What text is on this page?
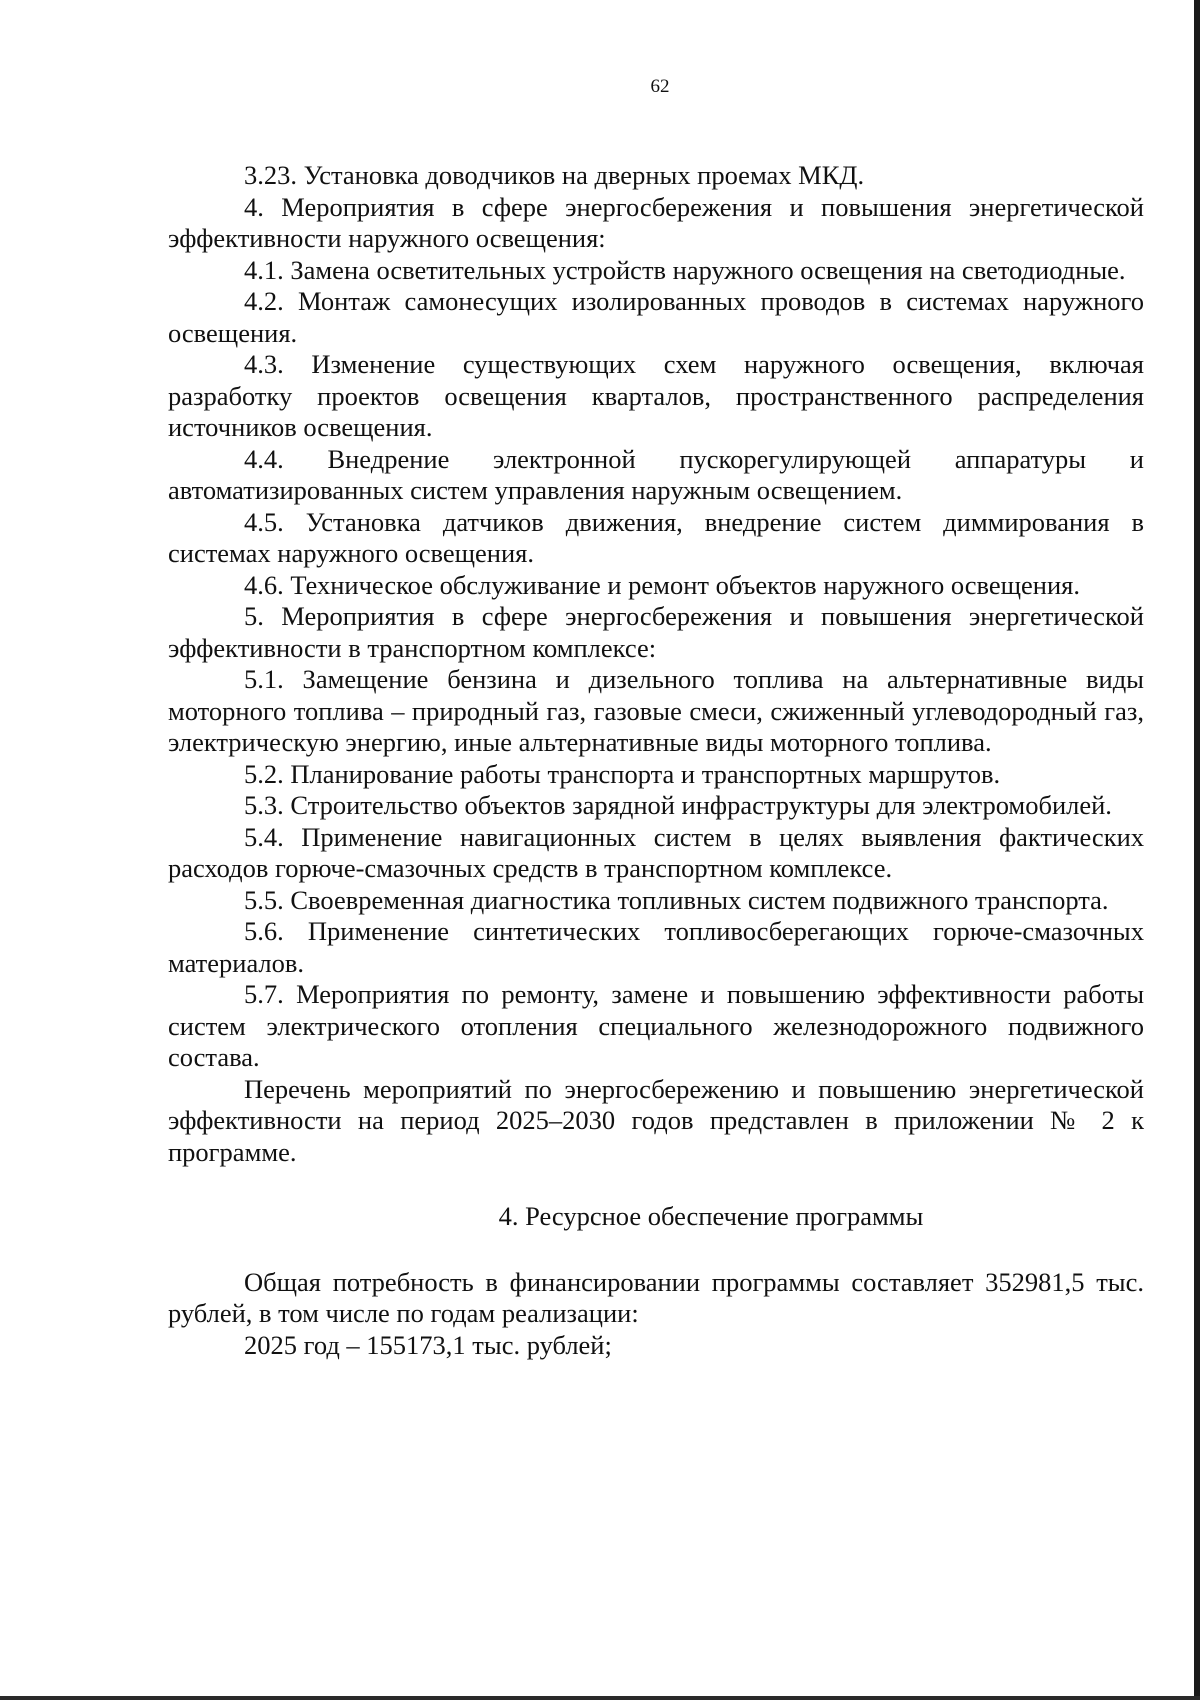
62

3.23. Установка доводчиков на дверных проемах МКД.

4. Мероприятия в сфере энергосбережения и повышения энергетической эффективности наружного освещения:

4.1. Замена осветительных устройств наружного освещения на светодиодные.

4.2. Монтаж самонесущих изолированных проводов в системах наружного освещения.

4.3. Изменение существующих схем наружного освещения, включая разработку проектов освещения кварталов, пространственного распределения источников освещения.

4.4. Внедрение электронной пускорегулирующей аппаратуры и автоматизированных систем управления наружным освещением.

4.5. Установка датчиков движения, внедрение систем диммирования в системах наружного освещения.

4.6. Техническое обслуживание и ремонт объектов наружного освещения.

5. Мероприятия в сфере энергосбережения и повышения энергетической эффективности в транспортном комплексе:

5.1. Замещение бензина и дизельного топлива на альтернативные виды моторного топлива – природный газ, газовые смеси, сжиженный углеводородный газ, электрическую энергию, иные альтернативные виды моторного топлива.

5.2. Планирование работы транспорта и транспортных маршрутов.

5.3. Строительство объектов зарядной инфраструктуры для электромобилей.

5.4. Применение навигационных систем в целях выявления фактических расходов горюче-смазочных средств в транспортном комплексе.

5.5. Своевременная диагностика топливных систем подвижного транспорта.

5.6. Применение синтетических топливосберегающих горюче-смазочных материалов.

5.7. Мероприятия по ремонту, замене и повышению эффективности работы систем электрического отопления специального железнодорожного подвижного состава.

Перечень мероприятий по энергосбережению и повышению энергетической эффективности на период 2025–2030 годов представлен в приложении № 2 к программе.

4. Ресурсное обеспечение программы

Общая потребность в финансировании программы составляет 352981,5 тыс. рублей, в том числе по годам реализации:

2025 год – 155173,1 тыс. рублей;
